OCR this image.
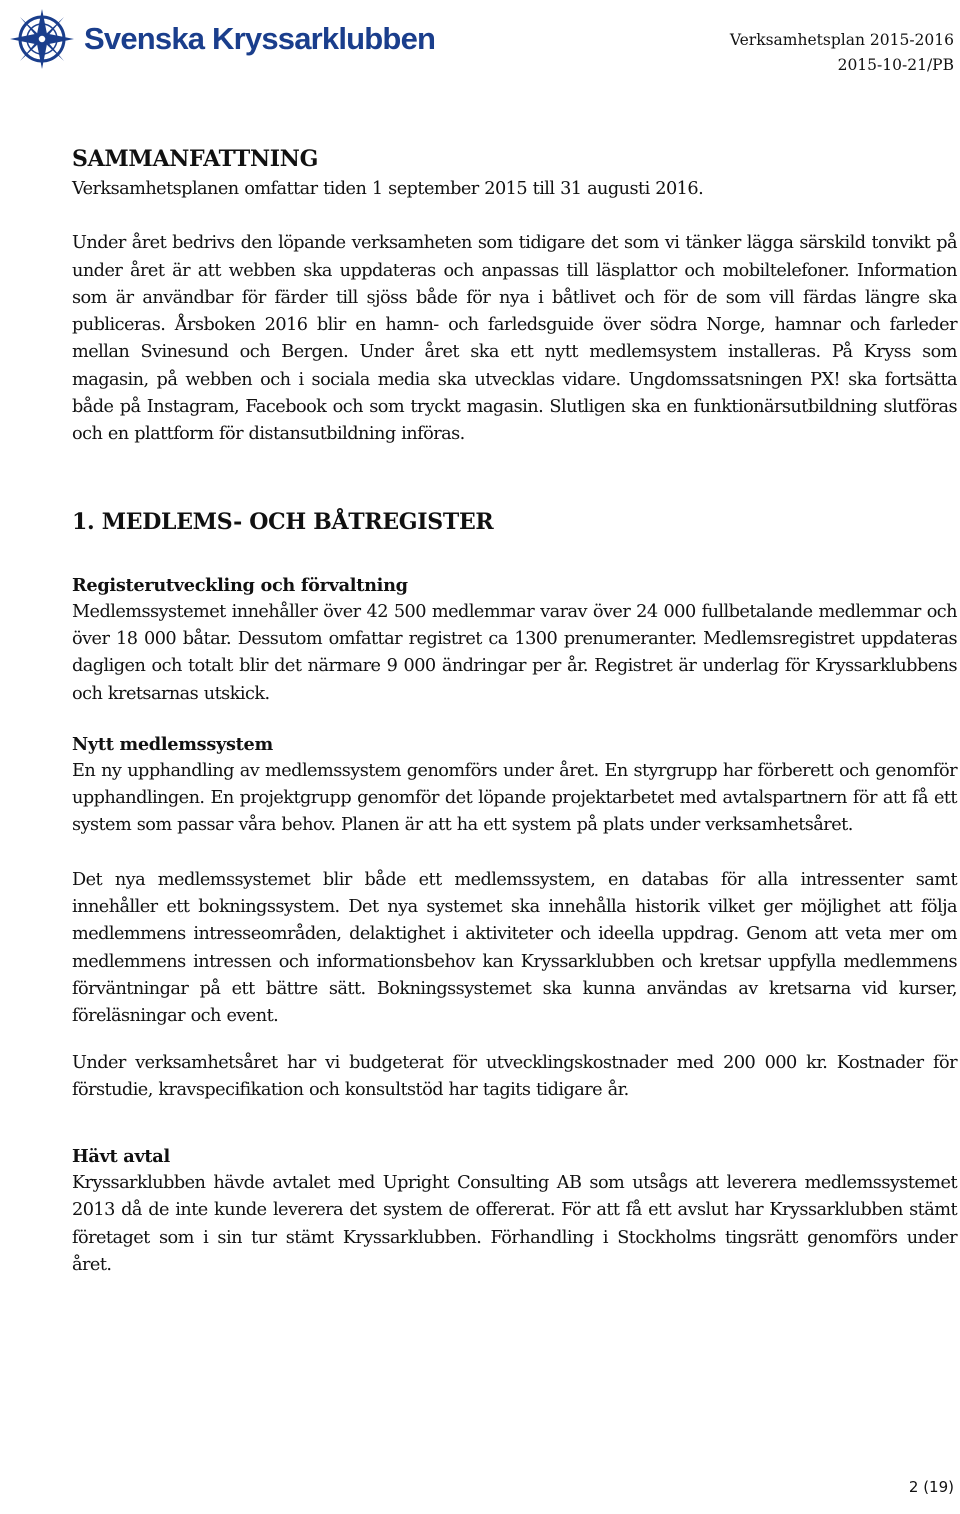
Svenska Kryssarklubben	Verksamhetsplan 2015-2016
2015-10-21/PB
SAMMANFATTNING

Verksamhetsplanen omfattar tiden 1 september 2015 till 31 augusti 2016.

Under året bedrivs den löpande verksamheten som tidigare det som vi tänker lägga särskild tonvikt på under året är att webben ska uppdateras och anpassas till läsplattor och mobiltelefoner. Information som är användbar för färder till sjöss både för nya i båtlivet och för de som vill färdas längre ska publiceras. Årsboken 2016 blir en hamn- och farledsguide över södra Norge, hamnar och farleder mellan Svinesund och Bergen. Under året ska ett nytt medlemsystem installeras. På Kryss som magasin, på webben och i sociala media ska utvecklas vidare. Ungdomssatsningen PX! ska fortsätta både på Instagram, Facebook och som tryckt magasin. Slutligen ska en funktionärsutbildning slutföras och en plattform för distansutbildning införas.

1. MEDLEMS- OCH BÅTREGISTER
Registerutveckling och förvaltning

Medlemssystemet innehåller över 42 500 medlemmar varav över 24 000 fullbetalande medlemmar och över 18 000 båtar. Dessutom omfattar registret ca 1300 prenumeranter. Medlemsregistret uppdateras dagligen och totalt blir det närmare 9 000 ändringar per år. Registret är underlag för Kryssarklubbens och kretsarnas utskick.

Nytt medlemssystem

En ny upphandling av medlemssystem genomförs under året. En styrgrupp har förberett och genomför upphandlingen. En projektgrupp genomför det löpande projektarbetet med avtalspartnern för att få ett system som passar våra behov. Planen är att ha ett system på plats under verksamhetsåret.

Det nya medlemssystemet blir både ett medlemssystem, en databas för alla intressenter samt innehåller ett bokningssystem. Det nya systemet ska innehålla historik vilket ger möjlighet att följa medlemmens intresseområden, delaktighet i aktiviteter och ideella uppdrag. Genom att veta mer om medlemmens intressen och informationsbehov kan Kryssarklubben och kretsar uppfylla medlemmens förväntningar på ett bättre sätt. Bokningssystemet ska kunna användas av kretsarna vid kurser, föreläsningar och event.

Under verksamhetsåret har vi budgeterat för utvecklingskostnader med 200 000 kr. Kostnader för förstudie, kravspecifikation och konsultstöd har tagits tidigare år.

Hävt avtal

Kryssarklubben hävde avtalet med Upright Consulting AB som utsågs att leverera medlemssystemet 2013 då de inte kunde leverera det system de offererat. För att få ett avslut har Kryssarklubben stämt företaget som i sin tur stämt Kryssarklubben. Förhandling i Stockholms tingsrätt genomförs under året.

2 (19)
